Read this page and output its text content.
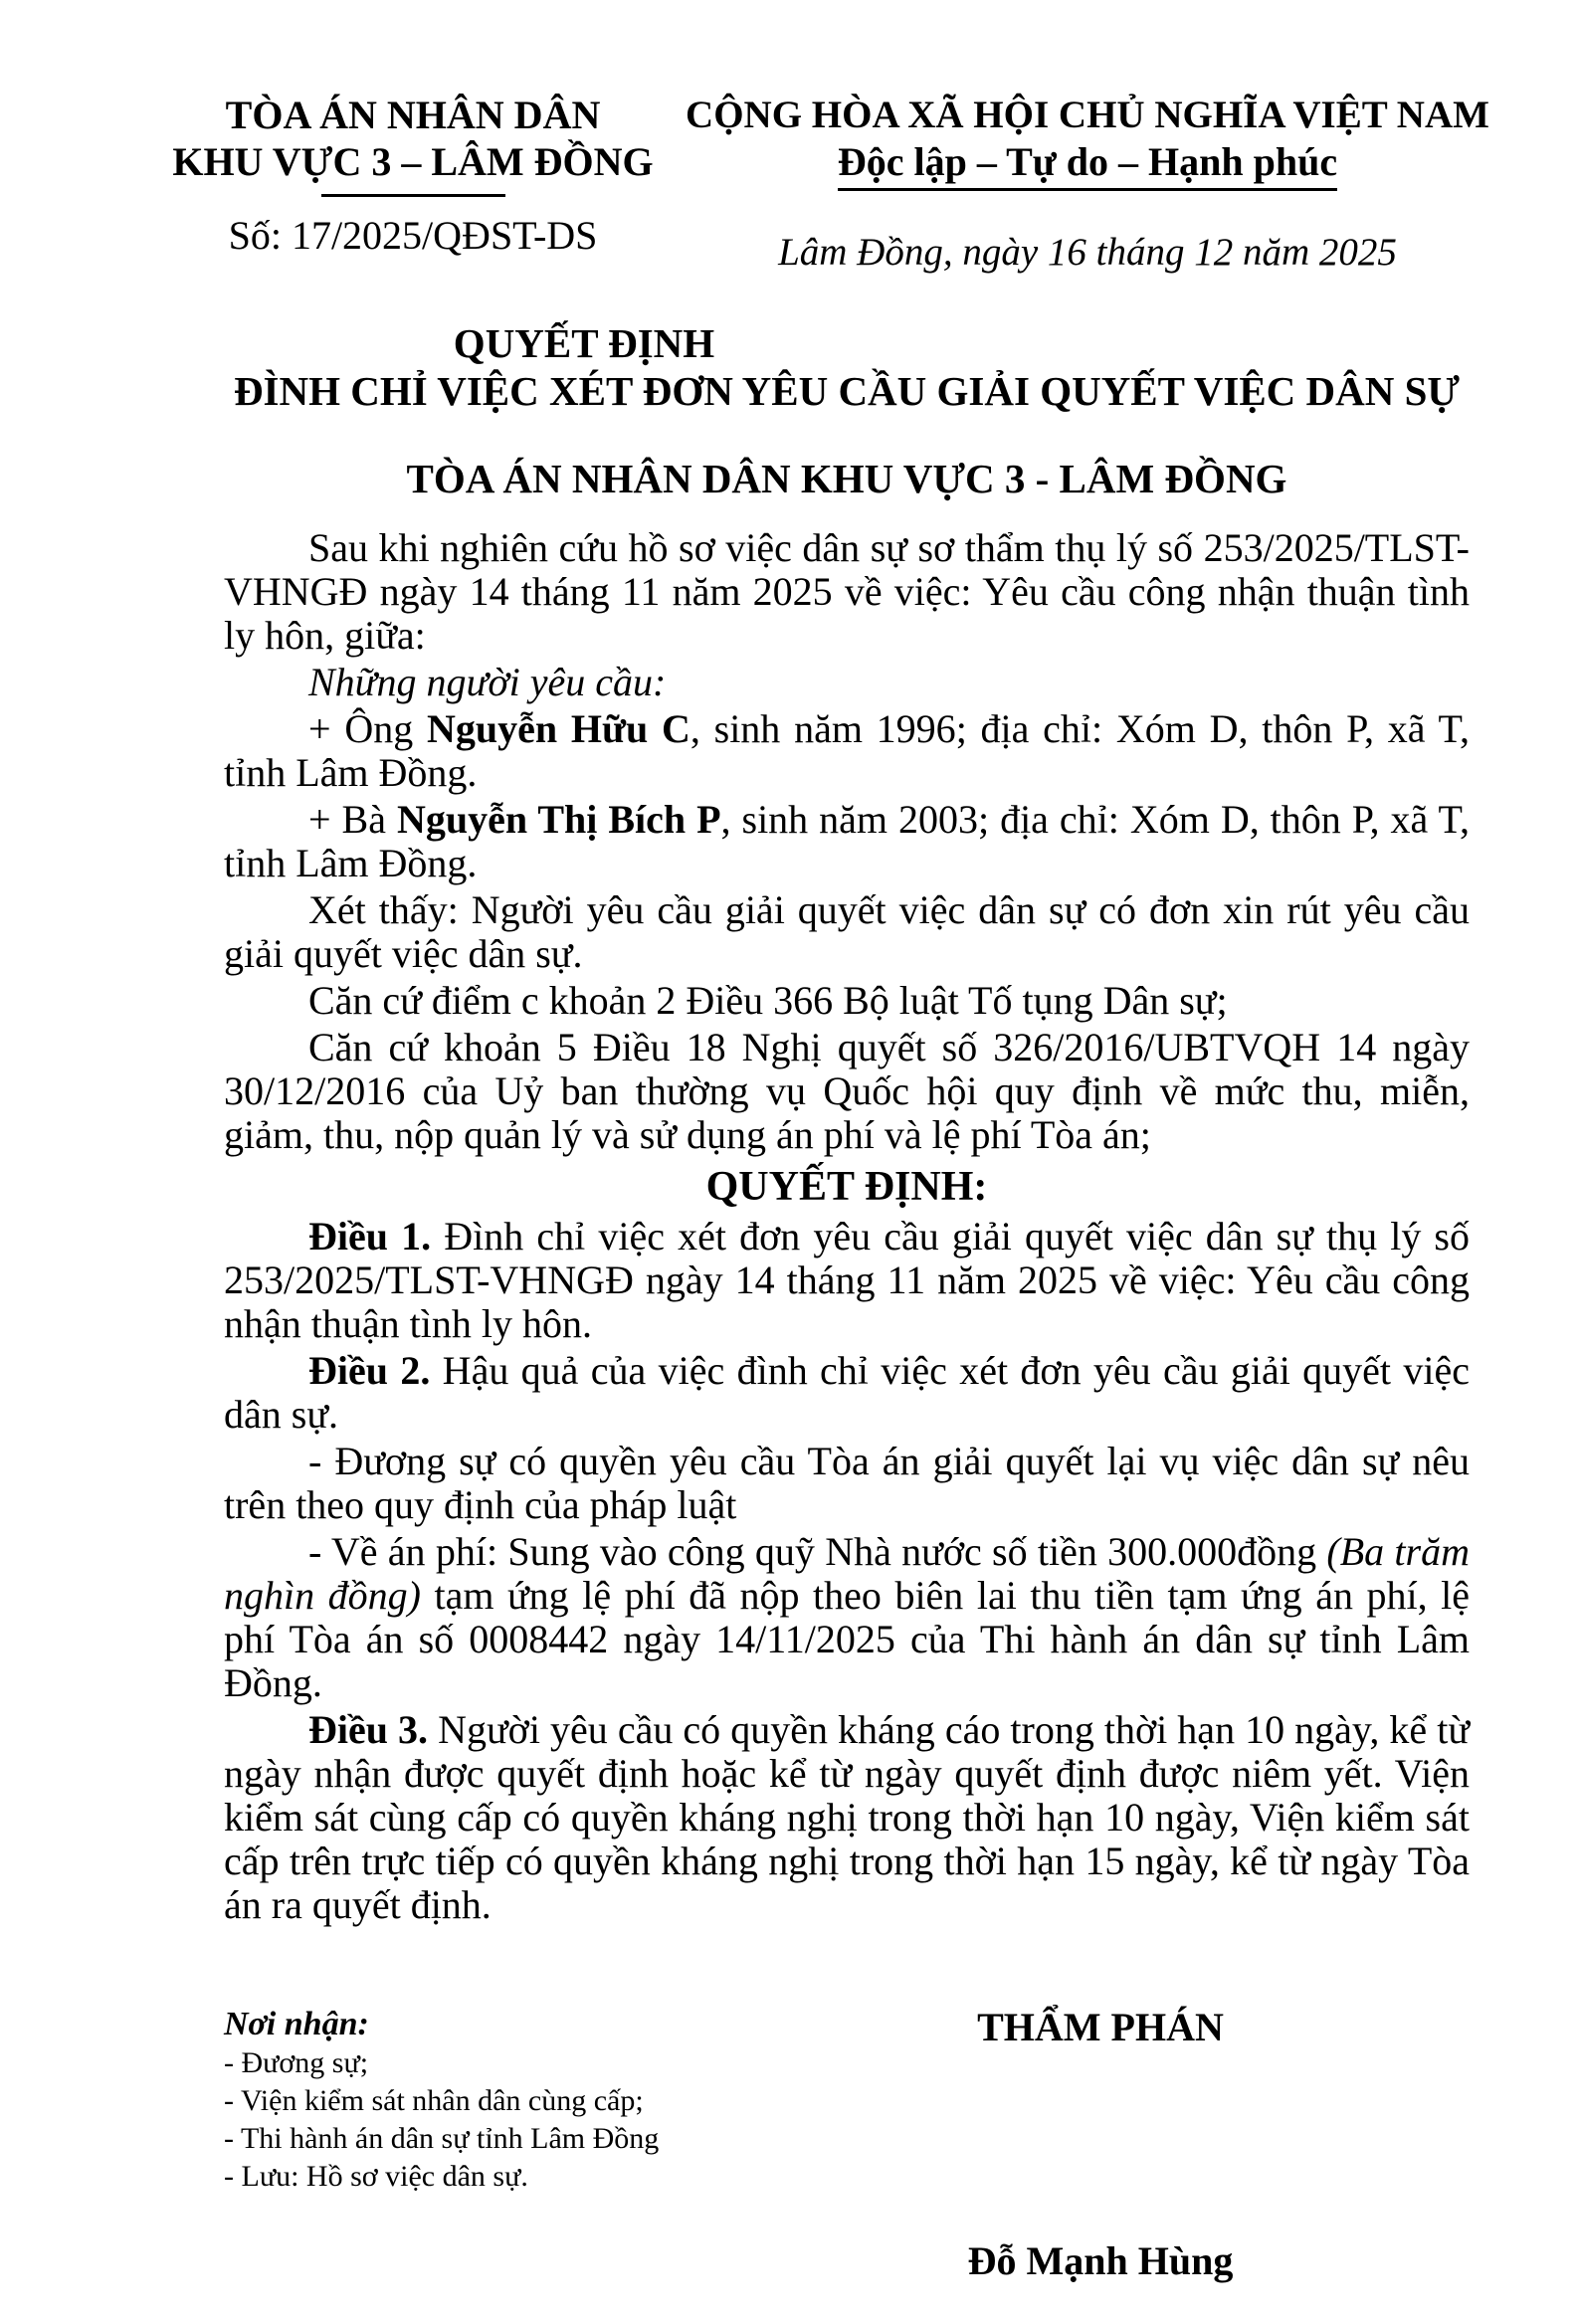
TÒA ÁN NHÂN DÂN
KHU VỰC 3 – LÂM ĐỒNG
Số: 17/2025/QĐST-DS
CỘNG HÒA XÃ HỘI CHỦ NGHĨA VIỆT NAM
Độc lập – Tự do – Hạnh phúc
Lâm Đồng, ngày 16 tháng 12 năm 2025
QUYẾT ĐỊNH
ĐÌNH CHỈ VIỆC XÉT ĐƠN YÊU CẦU GIẢI QUYẾT VIỆC DÂN SỰ
TÒA ÁN NHÂN DÂN KHU VỰC 3 - LÂM ĐỒNG

Sau khi nghiên cứu hồ sơ việc dân sự sơ thẩm thụ lý số 253/2025/TLST-VHNGĐ ngày 14 tháng 11 năm 2025 về việc: Yêu cầu công nhận thuận tình ly hôn, giữa:

Những người yêu cầu:

+ Ông Nguyễn Hữu C, sinh năm 1996; địa chỉ: Xóm D, thôn P, xã T, tỉnh Lâm Đồng.

+ Bà Nguyễn Thị Bích P, sinh năm 2003; địa chỉ: Xóm D, thôn P, xã T, tỉnh Lâm Đồng.

Xét thấy: Người yêu cầu giải quyết việc dân sự có đơn xin rút yêu cầu giải quyết việc dân sự.

Căn cứ điểm c khoản 2 Điều 366 Bộ luật Tố tụng Dân sự;

Căn cứ khoản 5 Điều 18 Nghị quyết số 326/2016/UBTVQH 14 ngày 30/12/2016 của Uỷ ban thường vụ Quốc hội quy định về mức thu, miễn, giảm, thu, nộp quản lý và sử dụng án phí và lệ phí Tòa án;

QUYẾT ĐỊNH:

Điều 1. Đình chỉ việc xét đơn yêu cầu giải quyết việc dân sự thụ lý số 253/2025/TLST-VHNGĐ ngày 14 tháng 11 năm 2025 về việc: Yêu cầu công nhận thuận tình ly hôn.

Điều 2. Hậu quả của việc đình chỉ việc xét đơn yêu cầu giải quyết việc dân sự.

- Đương sự có quyền yêu cầu Tòa án giải quyết lại vụ việc dân sự nêu trên theo quy định của pháp luật

- Về án phí: Sung vào công quỹ Nhà nước số tiền 300.000đồng (Ba trăm nghìn đồng) tạm ứng lệ phí đã nộp theo biên lai thu tiền tạm ứng án phí, lệ phí Tòa án số 0008442 ngày 14/11/2025 của Thi hành án dân sự tỉnh Lâm Đồng.

Điều 3. Người yêu cầu có quyền kháng cáo trong thời hạn 10 ngày, kể từ ngày nhận được quyết định hoặc kể từ ngày quyết định được niêm yết. Viện kiểm sát cùng cấp có quyền kháng nghị trong thời hạn 10 ngày, Viện kiểm sát cấp trên trực tiếp có quyền kháng nghị trong thời hạn 15 ngày, kể từ ngày Tòa án ra quyết định.

Nơi nhận:
- Đương sự;
- Viện kiểm sát nhân dân cùng cấp;
- Thi hành án dân sự tỉnh Lâm Đồng
- Lưu: Hồ sơ việc dân sự.
THẨM PHÁN
Đỗ Mạnh Hùng
